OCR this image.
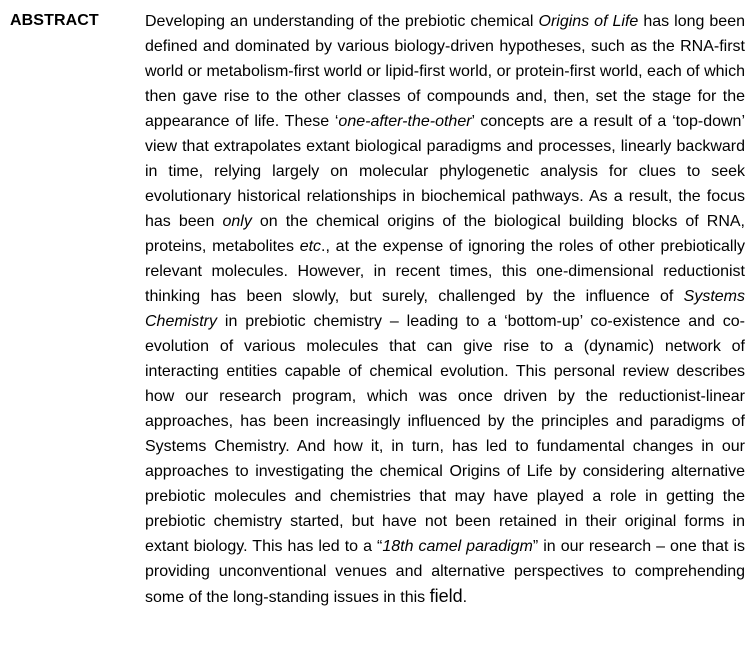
ABSTRACT	Developing an understanding of the prebiotic chemical Origins of Life has long been defined and dominated by various biology-driven hypotheses, such as the RNA-first world or metabolism-first world or lipid-first world, or protein-first world, each of which then gave rise to the other classes of compounds and, then, set the stage for the appearance of life. These ‘one-after-the-other’ concepts are a result of a ‘top-down’ view that extrapolates extant biological paradigms and processes, linearly backward in time, relying largely on molecular phylogenetic analysis for clues to seek evolutionary historical relationships in biochemical pathways. As a result, the focus has been only on the chemical origins of the biological building blocks of RNA, proteins, metabolites etc., at the expense of ignoring the roles of other prebiotically relevant molecules. However, in recent times, this one-dimensional reductionist thinking has been slowly, but surely, challenged by the influence of Systems Chemistry in prebiotic chemistry – leading to a ‘bottom-up’ co-existence and co-evolution of various molecules that can give rise to a (dynamic) network of interacting entities capable of chemical evolution. This personal review describes how our research program, which was once driven by the reductionist-linear approaches, has been increasingly influenced by the principles and paradigms of Systems Chemistry. And how it, in turn, has led to fundamental changes in our approaches to investigating the chemical Origins of Life by considering alternative prebiotic molecules and chemistries that may have played a role in getting the prebiotic chemistry started, but have not been retained in their original forms in extant biology. This has led to a “18th camel paradigm” in our research – one that is providing unconventional venues and alternative perspectives to comprehending some of the long-standing issues in this field.
